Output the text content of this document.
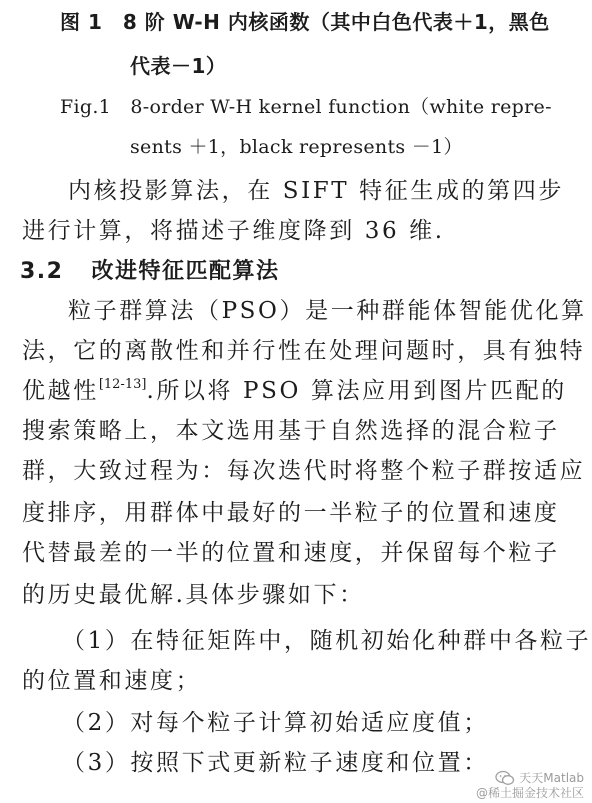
图 1　8 阶 W-H 内核函数（其中白色代表＋1，黑色
代表－1）
Fig.1　8-order W-H kernel function（white repre-
sents ＋1，black represents －1）
内核投影算法，在 SIFT 特征生成的第四步
进行计算，将描述子维度降到 36 维.
3.2 改进特征匹配算法
粒子群算法（PSO）是一种群能体智能优化算
法，它的离散性和并行性在处理问题时，具有独特
优越性[12-13].所以将 PSO 算法应用到图片匹配的
搜索策略上，本文选用基于自然选择的混合粒子
群，大致过程为：每次迭代时将整个粒子群按适应
度排序，用群体中最好的一半粒子的位置和速度
代替最差的一半的位置和速度，并保留每个粒子
的历史最优解.具体步骤如下：
（1）在特征矩阵中，随机初始化种群中各粒子
的位置和速度；
（2）对每个粒子计算初始适应度值；
（3）按照下式更新粒子速度和位置：
天天Matlab
@稀土掘金技术社区
